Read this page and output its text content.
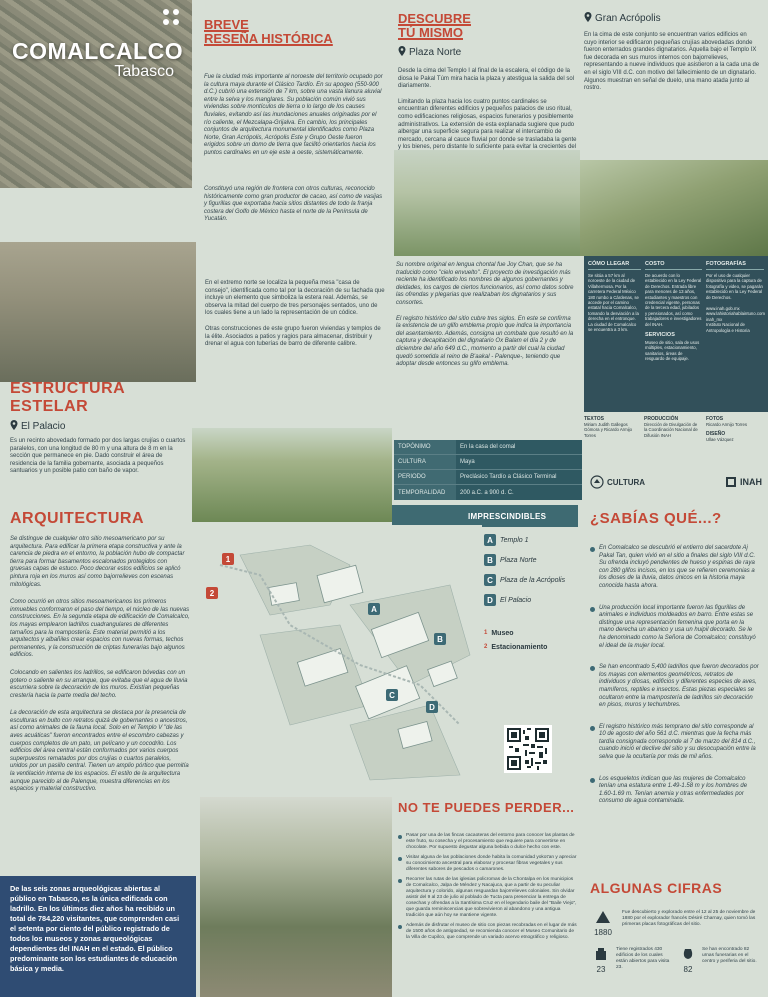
COMALCALCO
Tabasco
BREVE
RESEÑA HISTÓRICA
Fue la ciudad más importante al noroeste del territorio ocupado por la cultura maya durante el Clásico Tardío. En su apogeo (550-900 d.C.) cubrió una extensión de 7 km, sobre una vasta llanura aluvial entre la selva y los manglares. Su población común vivió sus viviendas sobre montículos de tierra o lo largo de los causes fluviales, evitando así las inundaciones anuales originadas por el río caliente, el Mezcalapa-Grijalva. En cambio, los principales conjuntos de arquitectura monumental identificados como Plaza Norte, Gran Acrópolis, Acrópolis Este y Grupo Oeste fueron erigidos sobre un domo de tierra que facilitó orientarlos hacia los puntos cardinales en un eje este a oeste, sistemáticamente.
Constituyó una región de frontera con otros culturas, reconocido históricamente como gran productor de cacao, así como de vasijas y figurillas que exportaba hacia sitios distantes de todo la franja costera del Golfo de México hasta el norte de la Península de Yucatán.
DESCUBRE
TÚ MISMO
Plaza Norte
Desde la cima del Templo I al final de la escalera, el código de la diosa le Pakal Túm mira hacia la plaza y atestigua la salida del sol diariamente.
Limitando la plaza hacia los cuatro puntos cardinales se encuentran diferentes edificios y pequeños palacios de uso ritual, como edificaciones religiosas, espacios funerarios y posiblemente administrativos. La extensión de esta explanada sugiere que pudo albergar una superficie segura para realizar el intercambio de mercado, cercana al cauce fluvial por donde se trasladaba la gente y los bienes, pero distante lo suficiente para evitar la crecientes del
Gran Acrópolis
En la cima de este conjunto se encuentran varios edificios en cuyo interior se edificaron pequeñas crujías abovedadas donde fueron enterrados grandes dignatarios. Aquella bajo el Templo IX fue decorada en sus muros internos con bajorrelieves, representando a nueve individuos que asistieron a la cada una de en el siglo VIII d.C. con motivo del fallecimiento de un dignatario. Algunos muestran en señal de duelo, una mano atada junto al rostro.
ESTRUCTURA ESTELAR
El Palacio
Es un recinto abovedado formado por dos largas crujías o cuartos paralelos, con una longitud de 80 m y una altura de 8 m en la sección que permanece en pie. Dado construir el área de residencia de la familia gobernante, asociada a pequeños santuarios y un posible patio con baño de vapor.
En el extremo norte se localiza la pequeña mesa "casa de consejo", identificada como tal por la decoración de su fachada que incluye un elemento que simboliza la estera real. Además, se observa la mitad del cuerpo de tres personajes sentados, uno de los cuales tiene a un lado la representación de un códice.
Otras construcciones de este grupo fueron viviendas y templos de la élite. Asociados a patios y ragios para almacenar, distribuir y drenar el agua con tuberías de barro de diferente calibre.
Su nombre original en lengua chontal fue Joy Chan, que se ha traducido como "cielo envuelto". El proyecto de investigación más reciente ha identificado los nombres de algunos gobernantes y deidades, los cargos de ciertos funcionarios, así como datos sobre las ofrendas y plegarias que realizaban los dignatarios y sus consortes.
El registro histórico del sitio cubre tres siglos. En este se confirma la existencia de un glifo emblema propio que indica la importancia del asentamiento. Además, consigna un combate que resultó en la captura y decapitación del dignatario Ox Balam el día 2 y de diciembre del año 649 d.C., momento a partir del cual la ciudad quedó sometida al reino de B'aakal - Palenque-, teniendo que adoptar desde entonces su glifo emblema.
CÓMO LLEGAR
Se sitúa a 57 km al noroeste de la ciudad de Villahermosa. Por la carretera Federal México 180 rumbo a Cárdenas, se accede por el camino estatal hacia Comalcalco, tomando la desviación a la derecha en el entronque. La ciudad de Comalcalco se encuentra a 3 km.
COSTO
De acuerdo con lo establecido en la Ley Federal de Derechos. Entrada libre para menores de 13 años, estudiantes y maestros con credencial vigente, personas de la tercera edad, jubilados y pensionados, así como trabajadores e investigadores del INAH.
SERVICIOS
Museo de sitio, sala de usos múltiples, estacionamiento, sanitarios, áreas de resguardo de equipaje.
FOTOGRAFÍAS
Por el uso de cualquier dispositivo para la captura de fotografía y video, se pagarán establecido en la Ley Federal de Derechos.
www.inah.gob.mx
www.lahistoriahablaintuno.com
inah_mx
Instituto Nacional de Antropología e Historia
TEXTOS
Miriam Judith Gallegos Gómora y Ricardo Armijo Torres
PRODUCCIÓN
Dirección de Divulgación de la Coordinación Nacional de Difusión INAH
FOTOS
Ricardo Armijo Torres
DISEÑO
Ullae Vázquez
TOPÓNIMO	En la casa del comal
CULTURA	Maya
PERIODO	Preclásico Tardío a Clásico Terminal
TEMPORALIDAD	200 a.C. a 900 d. C.
CULTURA	INAH
ARQUITECTURA
Se distingue de cualquier otro sitio mesoamericano por su arquitectura. Para edificar la primera etapa constructiva y ante la carencia de piedra en el entorno, la población hubo de compactar tierra para formar basamentos escalonados protegidos con gruesas capas de estuco. Poco decorar estos edificios se aplicó pintura roja en los muros así como bajorrelieves con escenas mitológicas.
Como ocurrió en otros sitios mesoamericanos los primeros inmuebles conformaron el paso del tiempo, el núcleo de las nuevas construcciones. En la segunda etapa de edificación de Comalcalco, los mayas emplearon ladrillos cuadrangulares de diferentes tamaños para la mampostería. Este material permitió a los arquitectos y albañiles crear espacios con nuevas formas, techos permanentes, y la construcción de criptas funerarias bajo algunos edificios.
Colocando en salientes los ladrillos, se edificaron bóvedas con un gotero o saliente en su arranque, que evitaba que el agua de lluvia escurriera sobre la decoración de los muros. Existían pequeñas crestería hacia la parte media del techo.
La decoración de esta arquitectura se destaca por la presencia de esculturas en bulto con retratos quizá de gobernantes o ancestros, así como animales de la fauna local. Solo en el Templo V "de las aves acuáticas" fueron encontrados entre el escombro cabezas y cuerpos completos de un pato, un pelícano y un cocodrilo. Los edificios del área central están conformados por varios cuerpos superpuestos rematados por dos crujías o cuartos paralelos, unidos por un pasillo central. Tienen un amplio pórtico que permitía la ventilación interna de los espacios. El estilo de la arquitectura aunque parecido al de Palenque, muestra diferencias en los espacios y material constructivo.
De las seis zonas arqueológicas abiertas al público en Tabasco, es la única edificada con ladrillo. En los últimos diez años ha recibido un total de 784,220 visitantes, que comprenden casi el setenta por ciento del público registrado de todos los museos y zonas arqueológicas dependientes del INAH en el estado. El público predominante son los estudiantes de educación básica y media.
IMPRESCINDIBLES
A
B
C
D
1
2
A	Templo 1
B	Plaza Norte
C	Plaza de la Acrópolis
D	El Palacio
1 Museo
2 Estacionamiento
NO TE PUEDES PERDER...
Pasar por una de las fincas cacaoteras del entorno para conocer las plantas de este fruto, su cosecha y el procesamiento que requiere para convertirse en chocolate. Por supuesto degustar alguna bebida o dulce hecho con este.
Visitar alguna de las poblaciones donde habita la comunidad yokot'an y apreciar su conocimiento ancestral para elaborar y procesar fibras vegetales y sus diferentes sabores de pescados o camarones.
Recorrer las rutas de las iglesias policromas de la Chontalpa en los municipios de Comalcalco, Jalpa de Méndez y Nacajuca, que a partir de su peculiar arquitectura y colorido, algunas resguardan bajorrelieves coloniales. Sin olvidar asistir del 9 al 23 de julio al poblado de Tucta para presenciar la entrega de cosechas y ofrendas a la Santísima Cruz en el legendario baile del "Baile Viejo", que guarda reminiscencias que sobrevivieron al abandono y una antigua tradición que aún hoy se mantiene vigente.
Además de disfrutar el museo de sitio con piezas recobradas en el lugar de más de 1500 años de antigüedad, se recomienda conocer el Museo Comunitario de la Villa de Cupilco, que comprende un variado acervo etnográfico y religioso.
¿SABÍAS QUÉ...?
En Comalcalco se descubrió el entierro del sacerdote Aj Pakal Tan, quien vivió en el sitio a finales del siglo VIII d.C. Su ofrenda incluyó pendientes de hueso y espinas de raya con 280 glifos incisos, en los que se refieren ceremonias a los dioses de la lluvia, datos únicos en la historia maya conocida hasta ahora.
Una producción local importante fueron las figurillas de animales e individuos moldeados en barro. Entre estas se distingue una representación femenina que porta en la mano derecha un abanico y usa un huipil decorado. Se le ha denominado como la Señora de Comalcalco; constituyó el ideal de la mujer local.
Se han encontrado 5,400 ladrillos que fueron decorados por los mayas con elementos geométricos, retratos de individuos y diosas, edificios y diferentes especies de aves, mamíferos, reptiles e insectos. Estas piezas especiales se ocultaron entre la mampostería de ladrillos sin decoración en pisos, muros y techumbres.
El registro histórico más temprano del sitio corresponde al 10 de agosto del año 561 d.C. mientras que la fecha más tardía consignada corresponde al 7 de marzo del 814 d.C., cuando inició el declive del sitio y su desocupación entre la selva que la ocultaría por más de mil años.
Los esqueletos indican que las mujeres de Comalcalco tenían una estatura entre 1.49-1.58 m y los hombres de 1.60-1.69 m. Tenían anemia y otras enfermedades por consumo de agua contaminada.
ALGUNAS CIFRAS
1880
Fue descubierto y explorado entre el 12 al 25 de noviembre de 1880 por el explorador francés Désiré Charnay, quien tomó las primeras placas fotográficas del sitio.
23
Tiene registrados 430 edificios de los cuales están abiertos para visita 23.	82
Se han encontrado 82 urnas funerarias en el centro y periferia del sitio.
